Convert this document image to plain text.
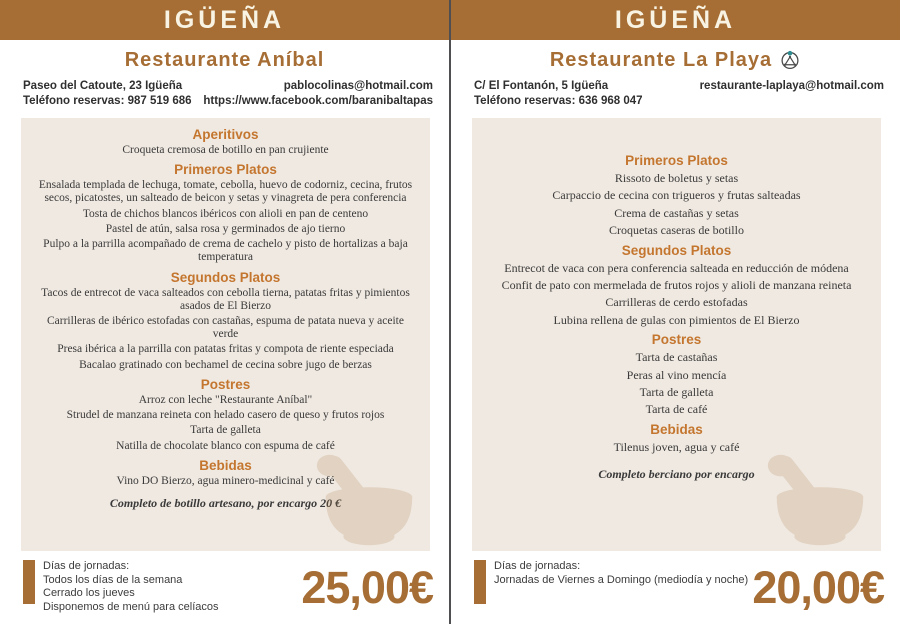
IGÜEÑA
Restaurante Aníbal
Paseo del Catoute, 23 Igüeña
Teléfono reservas: 987 519 686
pablocolinas@hotmail.com
https://www.facebook.com/baranibaltapas
Aperitivos
Croqueta cremosa de botillo en pan crujiente
Primeros Platos
Ensalada templada de lechuga, tomate, cebolla, huevo de codorniz, cecina, frutos secos, picatostes, un salteado de beicon y setas y vinagreta de pera conferencia
Tosta de chichos blancos ibéricos con alioli en pan de centeno
Pastel de atún, salsa rosa y germinados de ajo tierno
Pulpo a la parrilla acompañado de crema de cachelo y pisto de hortalizas a baja temperatura
Segundos Platos
Tacos de entrecot de vaca salteados con cebolla tierna, patatas fritas y pimientos asados de El Bierzo
Carrilleras de ibérico estofadas con castañas, espuma de patata nueva y aceite verde
Presa ibérica a la parrilla con patatas fritas y compota de riente especiada
Bacalao gratinado con bechamel de cecina sobre jugo de berzas
Postres
Arroz con leche "Restaurante Aníbal"
Strudel de manzana reineta con helado casero de queso y frutos rojos
Tarta de galleta
Natilla de chocolate blanco con espuma de café
Bebidas
Vino DO Bierzo, agua minero-medicinal y café
Completo de botillo artesano, por encargo 20 €
Días de jornadas:
Todos los días de la semana
Cerrado los jueves
Disponemos de menú para celíacos 25,00€
IGÜEÑA
Restaurante La Playa
C/ El Fontanón, 5 Igüeña
Teléfono reservas: 636 968 047
restaurante-laplaya@hotmail.com
Primeros Platos
Rissoto de boletus y setas
Carpaccio de cecina con trigueros y frutas salteadas
Crema de castañas y setas
Croquetas caseras de botillo
Segundos Platos
Entrecot de vaca con pera conferencia salteada en reducción de módena
Confit de pato con mermelada de frutos rojos y alioli de manzana reineta
Carrilleras de cerdo estofadas
Lubina rellena de gulas con pimientos de El Bierzo
Postres
Tarta de castañas
Peras al vino mencía
Tarta de galleta
Tarta de café
Bebidas
Tilenus joven, agua y café
Completo berciano por encargo
Días de jornadas:
Jornadas de Viernes a Domingo (mediodía y noche) 20,00€
